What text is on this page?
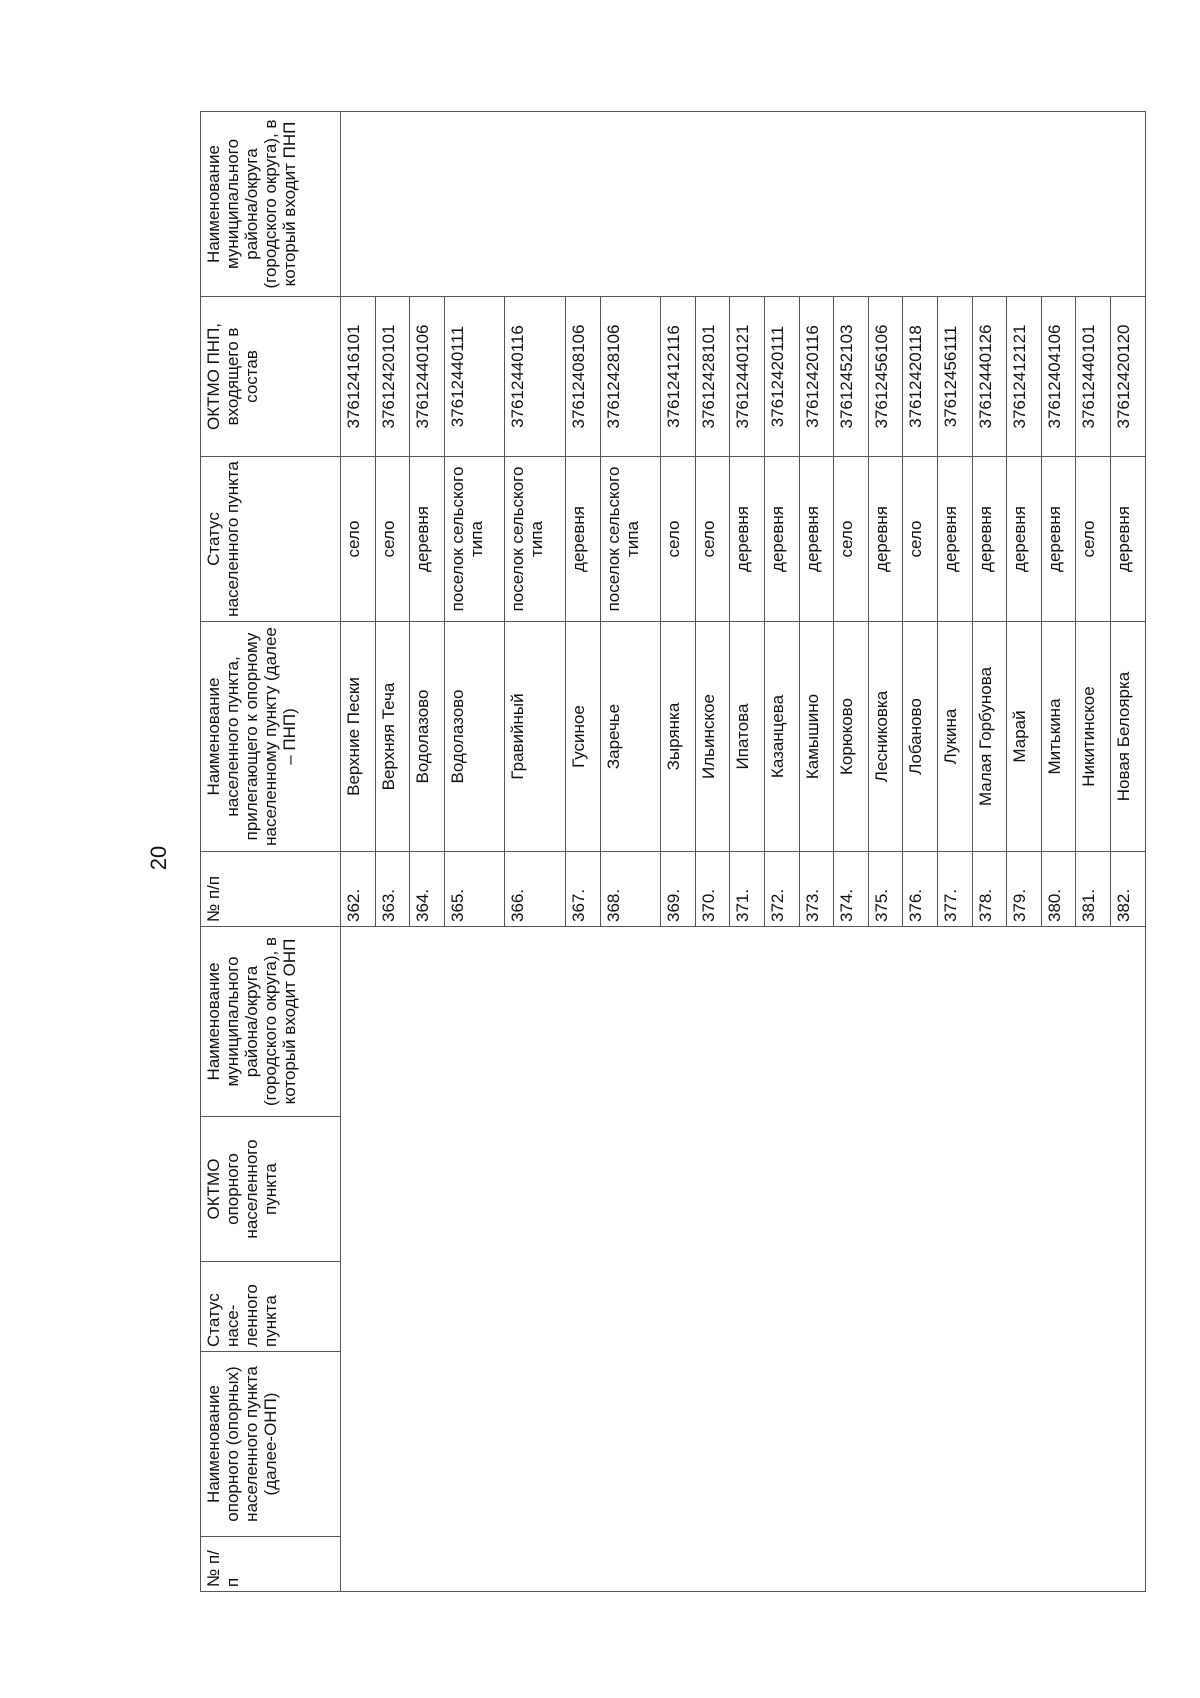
20
№ п/п	Наименование опорного (опорных) населенного пункта (далее-ОНП)	Статус насе-ленного пункта	ОКТМО опорного населенного пункта	Наименование муниципального района/округа (городского округа), в который входит ОНП	№ п/п	Наименование населенного пункта, прилегающего к опорному населенному пункту (далее – ПНП)	Статус населенного пункта	ОКТМО ПНП, входящего в состав	Наименование муниципального района/округа (городского округа), в который входит ПНП
					362.	Верхние Пески	село	37612416101	
					363.	Верхняя Теча	село	37612420101	
					364.	Водолазово	деревня	37612440106	
					365.	Водолазово	поселок сельского типа	37612440111	
					366.	Гравийный	поселок сельского типа	37612440116	
					367.	Гусиное	деревня	37612408106	
					368.	Заречье	поселок сельского типа	37612428106	
					369.	Зырянка	село	37612412116	
					370.	Ильинское	село	37612428101	
					371.	Ипатова	деревня	37612440121	
					372.	Казанцева	деревня	37612420111	
					373.	Камышино	деревня	37612420116	
					374.	Корюково	село	37612452103	
					375.	Лесниковка	деревня	37612456106	
					376.	Лобаново	село	37612420118	
					377.	Лукина	деревня	37612456111	
					378.	Малая Горбунова	деревня	37612440126	
					379.	Марай	деревня	37612412121	
					380.	Митькина	деревня	37612404106	
					381.	Никитинское	село	37612440101	
					382.	Новая Белоярка	деревня	37612420120	
